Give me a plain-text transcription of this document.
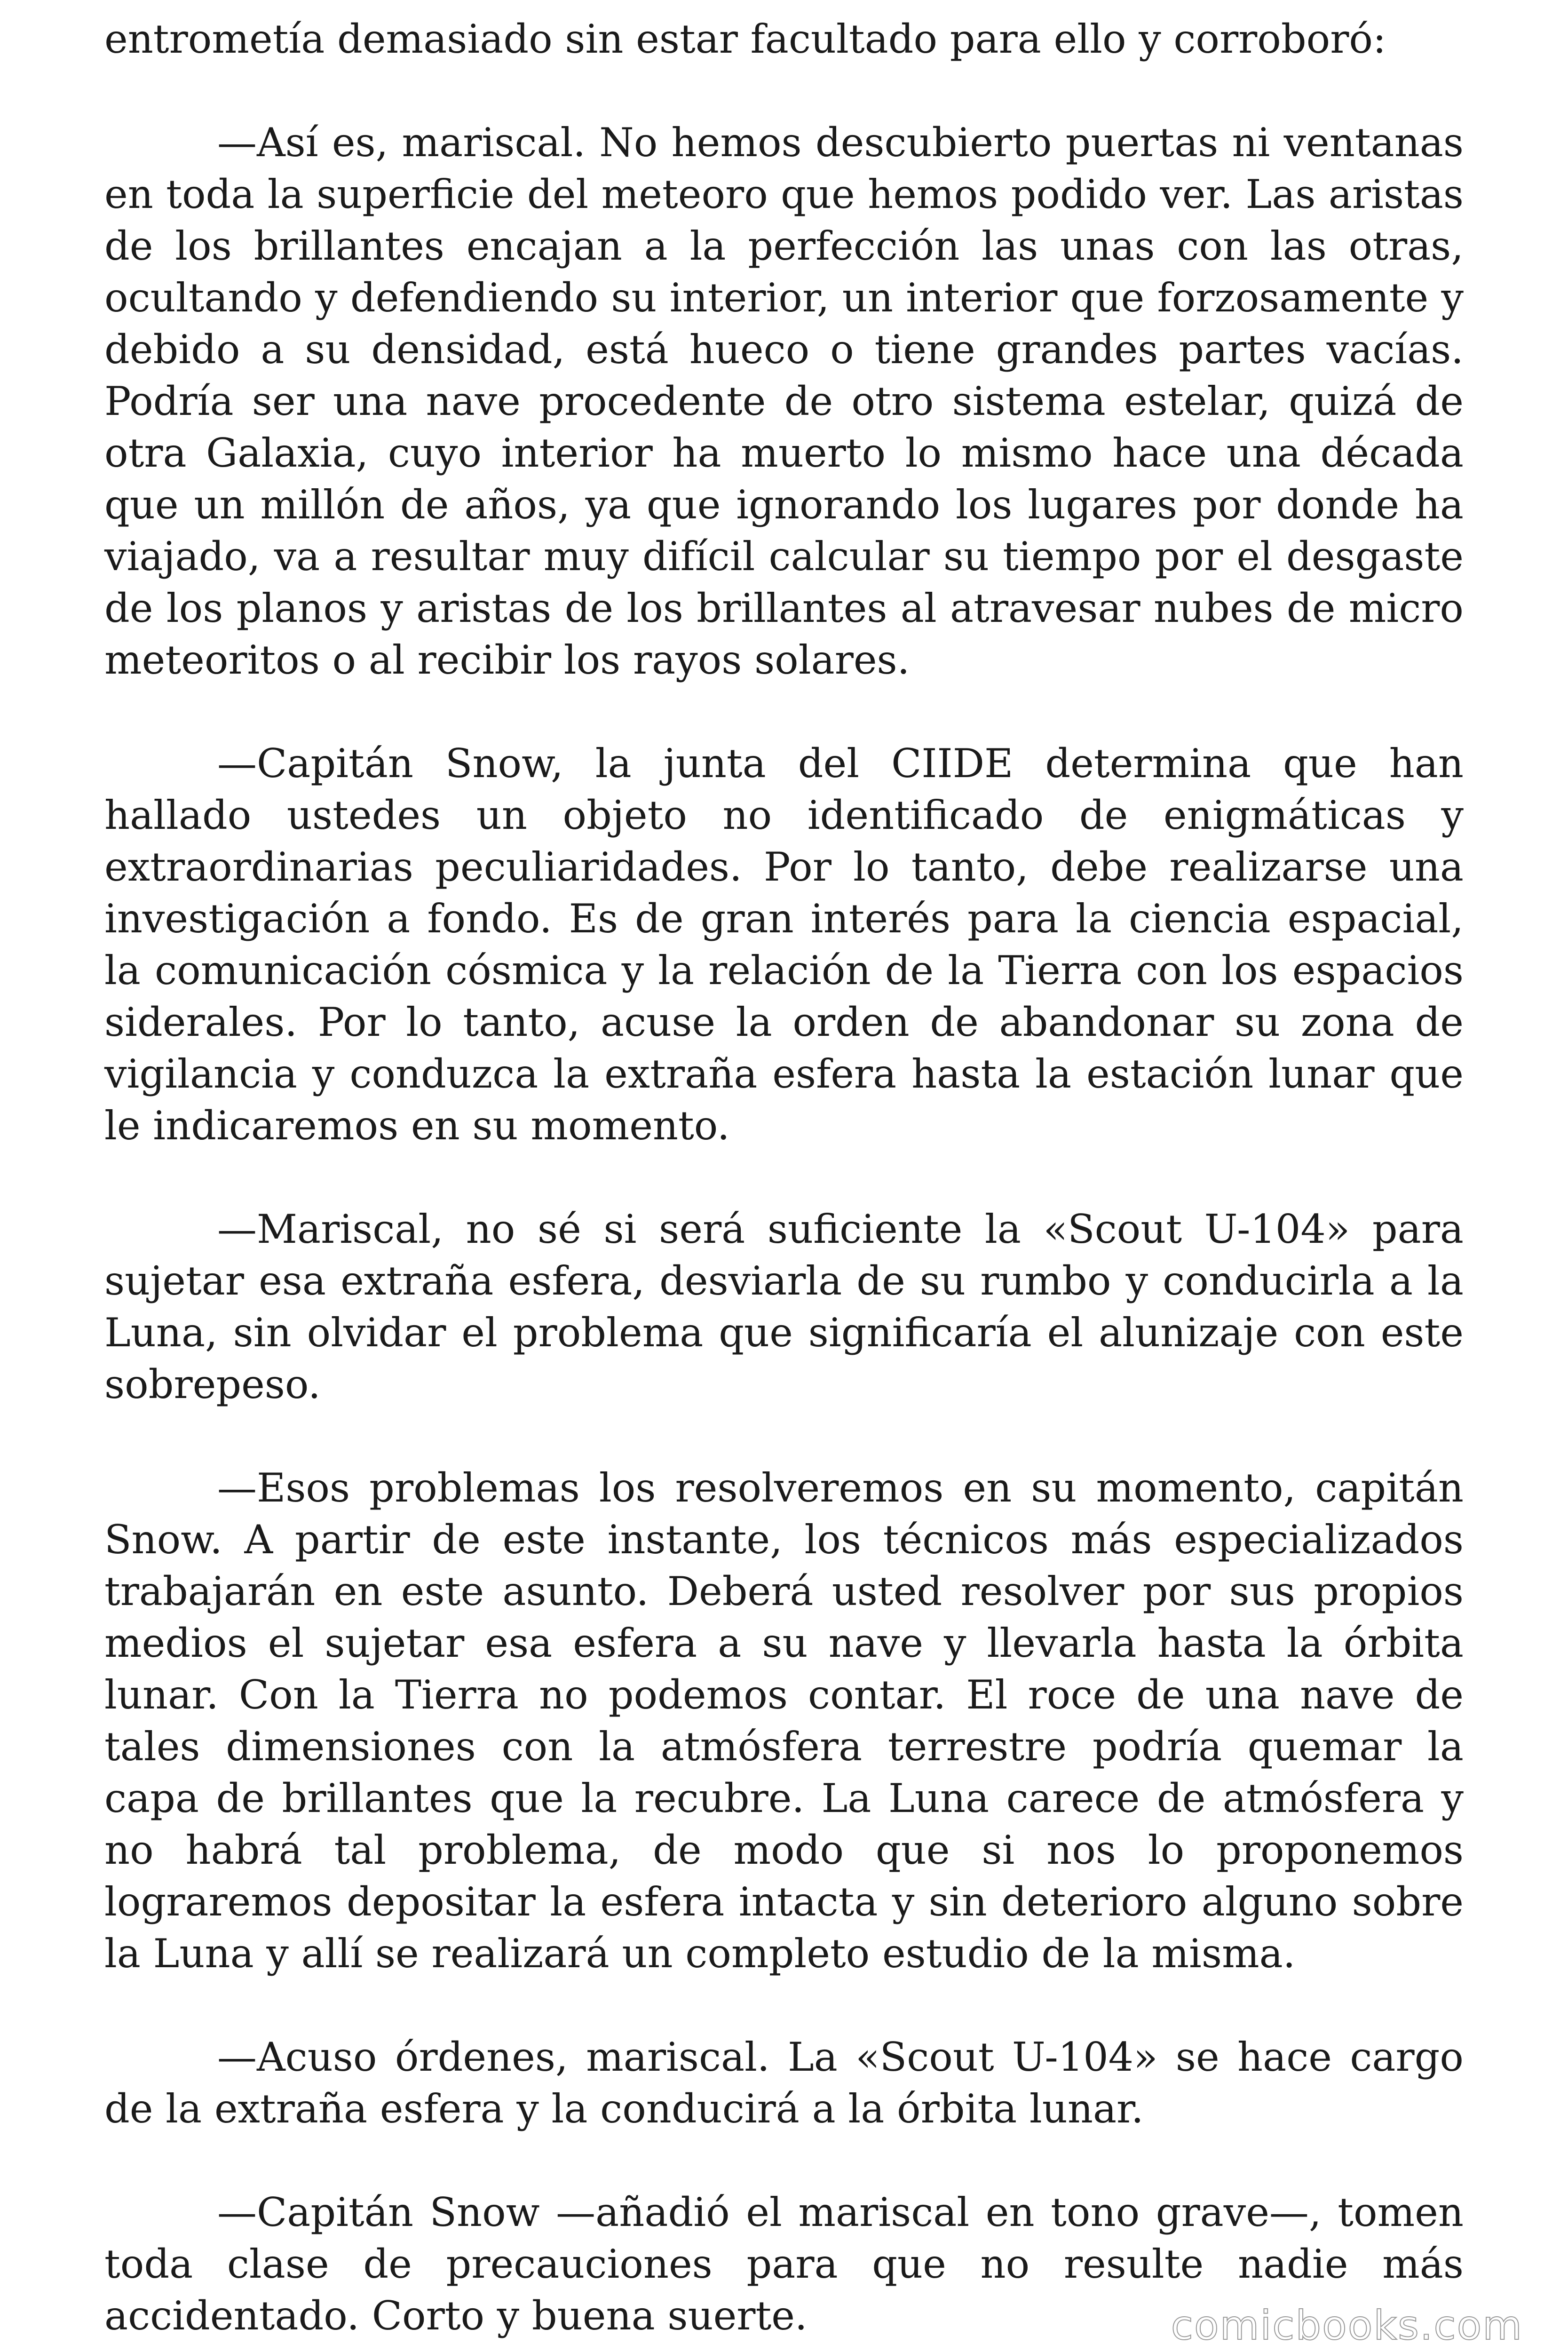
entrometía demasiado sin estar facultado para ello y corroboró:

—Así es, mariscal. No hemos descubierto puertas ni ventanas en toda la superficie del meteoro que hemos podido ver. Las aristas de los brillantes encajan a la perfección las unas con las otras, ocultando y defendiendo su interior, un interior que forzosamente y debido a su densidad, está hueco o tiene grandes partes vacías. Podría ser una nave procedente de otro sistema estelar, quizá de otra Galaxia, cuyo interior ha muerto lo mismo hace una década que un millón de años, ya que ignorando los lugares por donde ha viajado, va a resultar muy difícil calcular su tiempo por el desgaste de los planos y aristas de los brillantes al atravesar nubes de micro meteoritos o al recibir los rayos solares.

—Capitán Snow, la junta del CIIDE determina que han hallado ustedes un objeto no identificado de enigmáticas y extraordinarias peculiaridades. Por lo tanto, debe realizarse una investigación a fondo. Es de gran interés para la ciencia espacial, la comunicación cósmica y la relación de la Tierra con los espacios siderales. Por lo tanto, acuse la orden de abandonar su zona de vigilancia y conduzca la extraña esfera hasta la estación lunar que le indicaremos en su momento.

—Mariscal, no sé si será suficiente la «Scout U-104» para sujetar esa extraña esfera, desviarla de su rumbo y conducirla a la Luna, sin olvidar el problema que significaría el alunizaje con este sobrepeso.

—Esos problemas los resolveremos en su momento, capitán Snow. A partir de este instante, los técnicos más especializados trabajarán en este asunto. Deberá usted resolver por sus propios medios el sujetar esa esfera a su nave y llevarla hasta la órbita lunar. Con la Tierra no podemos contar. El roce de una nave de tales dimensiones con la atmósfera terrestre podría quemar la capa de brillantes que la recubre. La Luna carece de atmósfera y no habrá tal problema, de modo que si nos lo proponemos lograremos depositar la esfera intacta y sin deterioro alguno sobre la Luna y allí se realizará un completo estudio de la misma.

—Acuso órdenes, mariscal. La «Scout U-104» se hace cargo de la extraña esfera y la conducirá a la órbita lunar.

—Capitán Snow —añadió el mariscal en tono grave—, tomen toda clase de precauciones para que no resulte nadie más accidentado. Corto y buena suerte.	comicbooks.com
